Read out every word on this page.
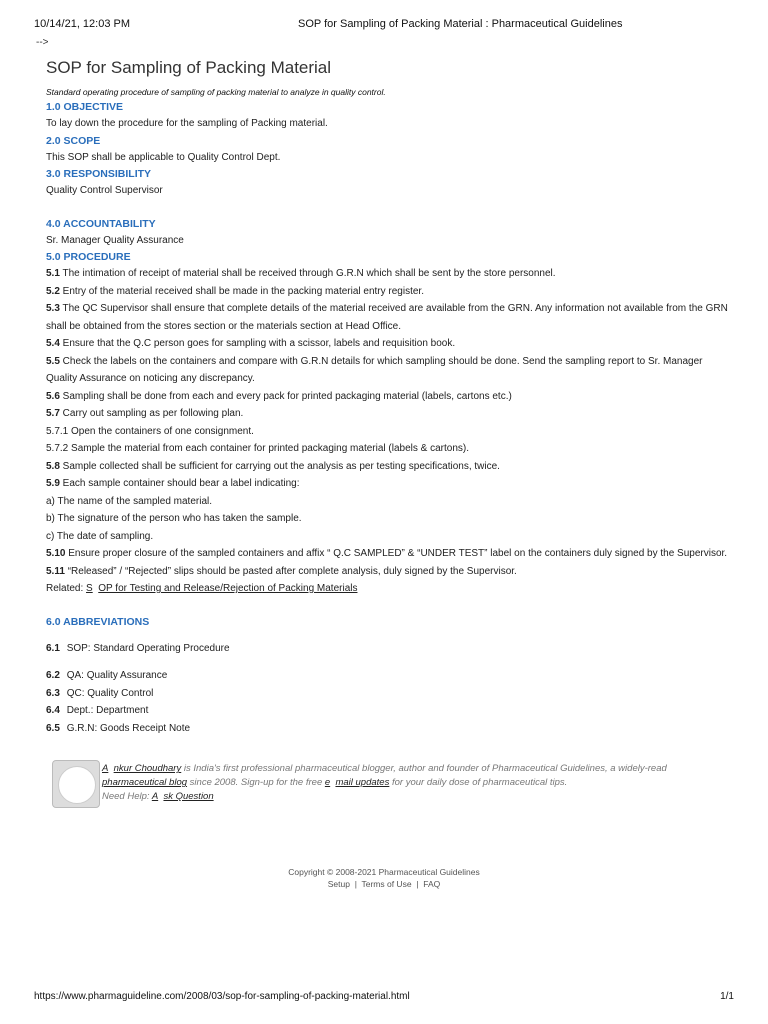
10/14/21, 12:03 PM	SOP for Sampling of Packing Material : Pharmaceutical Guidelines
-->
SOP for Sampling of Packing Material

Standard operating procedure of sampling of packing material to analyze in quality control.

1.0 OBJECTIVE

To lay down the procedure for the sampling of Packing material.

2.0 SCOPE

This SOP shall be applicable to Quality Control Dept.

3.0 RESPONSIBILITY

Quality Control Supervisor

4.0 ACCOUNTABILITY

Sr. Manager Quality Assurance

5.0 PROCEDURE

5.1 The intimation of receipt of material shall be received through G.R.N which shall be sent by the store personnel.

5.2 Entry of the material received shall be made in the packing material entry register.

5.3 The QC Supervisor shall ensure that complete details of the material received are available from the GRN. Any information not available from the GRN shall be obtained from the stores section or the materials section at Head Office.

5.4 Ensure that the Q.C person goes for sampling with a scissor, labels and requisition book.

5.5 Check the labels on the containers and compare with G.R.N details for which sampling should be done. Send the sampling report to Sr. Manager Quality Assurance on noticing any discrepancy.

5.6 Sampling shall be done from each and every pack for printed packaging material (labels, cartons etc.)

5.7 Carry out sampling as per following plan.

5.7.1 Open the containers of one consignment.

5.7.2 Sample the material from each container for printed packaging material (labels & cartons).

5.8 Sample collected shall be sufficient for carrying out the analysis as per testing specifications, twice.

5.9 Each sample container should bear a label indicating:

a) The name of the sampled material.

b) The signature of the person who has taken the sample.

c) The date of sampling.

5.10 Ensure proper closure of the sampled containers and affix “ Q.C SAMPLED” & “UNDER TEST” label on the containers duly signed by the Supervisor.

5.11 “Released” / “Rejected” slips should be pasted after complete analysis, duly signed by the Supervisor.

Related: S OP for Testing and Release/Rejection of Packing Materials

6.0 ABBREVIATIONS

6.1 SOP: Standard Operating Procedure

6.2 QA: Quality Assurance

6.3 QC: Quality Control

6.4 Dept.: Department

6.5 G.R.N: Goods Receipt Note

A nkur Choudhary is India's first professional pharmaceutical blogger, author and founder of Pharmaceutical Guidelines, a widely-read
pharmaceutical blog since 2008. Sign-up for the free e mail updates for your daily dose of pharmaceutical tips.
Need Help: A sk Question
Copyright © 2008-2021 Pharmaceutical Guidelines
Setup | Terms of Use | FAQ
https://www.pharmaguideline.com/2008/03/sop-for-sampling-of-packing-material.html	1/1
